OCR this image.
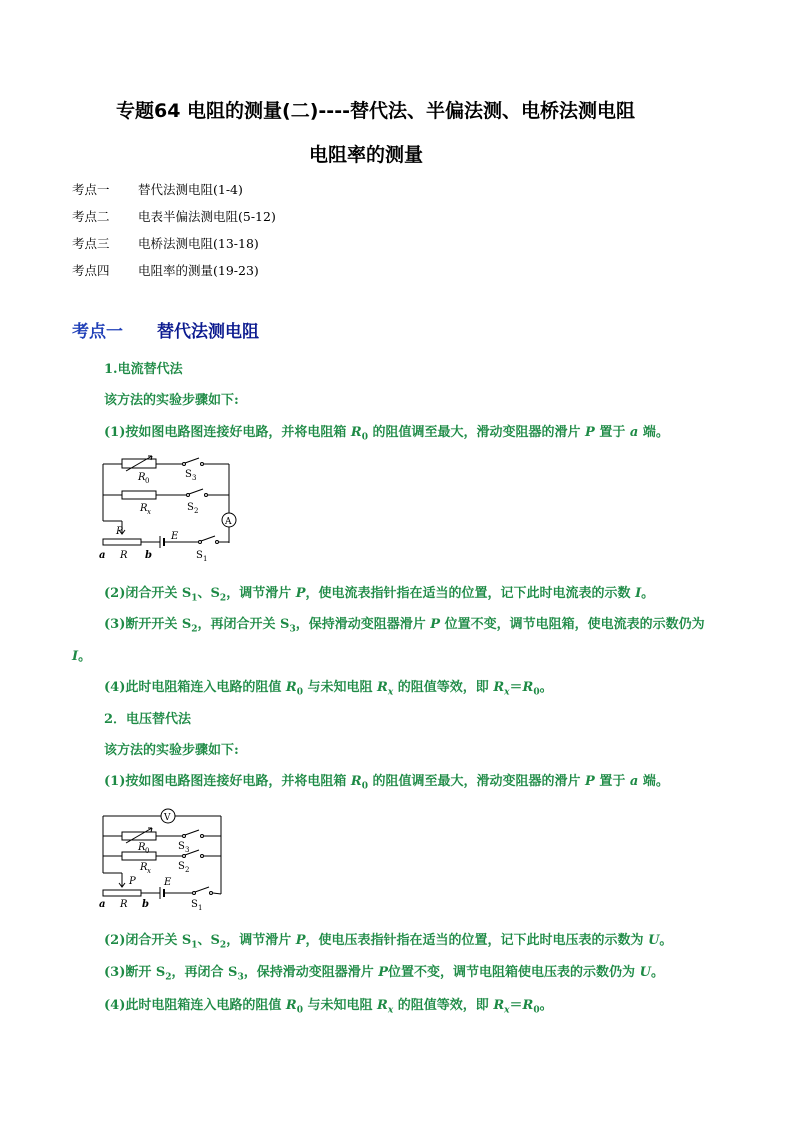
专题64 电阻的测量(二)----替代法、半偏法测、电桥法测电阻
电阻率的测量
考点一 替代法测电阻(1-4)
考点二 电表半偏法测电阻(5-12)
考点三 电桥法测电阻(13-18)
考点四 电阻率的测量(19-23)
考点一 替代法测电阻
1.电流替代法
该方法的实验步骤如下:
(1)按如图电路图连接好电路，并将电阻箱 $R_0$ 的阻值调至最大，滑动变阻器的滑片 P 置于 a 端。
R 0
S 3
R x	S 2
A
P	E
a R b	S 1
(2)闭合开关 $S_1$、$S_2$，调节滑片 P，使电流表指针指在适当的位置，记下此时电流表的示数 I。
(3)断开开关 $S_2$，再闭合开关 $S_3$，保持滑动变阻器滑片 P 位置不变，调节电阻箱，使电流表的示数仍为
I。
(4)此时电阻箱连入电路的阻值 $R_0$ 与未知电阻 $R_x$ 的阻值等效，即 $R_x=R_0$。
2．电压替代法
该方法的实验步骤如下:
(1)按如图电路图连接好电路，并将电阻箱 $R_0$ 的阻值调至最大，滑动变阻器的滑片 P 置于 a 端。
V
R 0	S 3
R x	S 2
P	E
a R b	S 1
(2)闭合开关 $S_1$、$S_2$，调节滑片 P，使电压表指针指在适当的位置，记下此时电压表的示数为 U。
(3)断开 $S_2$，再闭合 $S_3$，保持滑动变阻器滑片 P位置不变，调节电阻箱使电压表的示数仍为 U。
(4)此时电阻箱连入电路的阻值 $R_0$ 与未知电阻 $R_x$ 的阻值等效，即 $R_x=R_0$。
